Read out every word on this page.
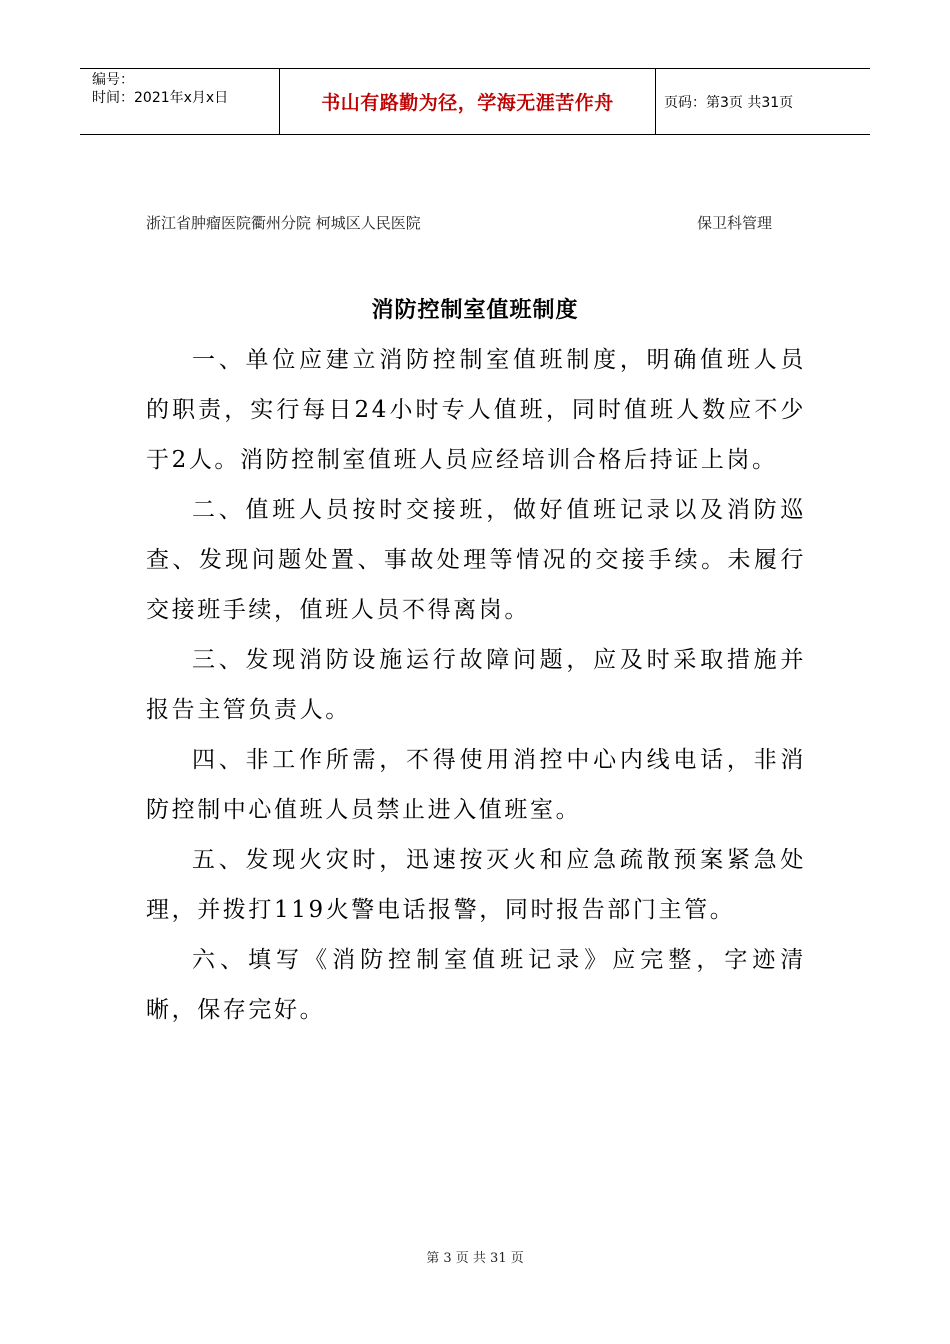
编号：
时间：2021年x月x日	书山有路勤为径，学海无涯苦作舟	页码：第3页 共31页
浙江省肿瘤医院衢州分院 柯城区人民医院	保卫科管理
消防控制室值班制度

一、单位应建立消防控制室值班制度，明确值班人员的职责，实行每日24小时专人值班，同时值班人数应不少于2人。消防控制室值班人员应经培训合格后持证上岗。

二、值班人员按时交接班，做好值班记录以及消防巡查、发现问题处置、事故处理等情况的交接手续。未履行交接班手续，值班人员不得离岗。

三、发现消防设施运行故障问题，应及时采取措施并报告主管负责人。

四、非工作所需，不得使用消控中心内线电话，非消防控制中心值班人员禁止进入值班室。

五、发现火灾时，迅速按灭火和应急疏散预案紧急处理，并拨打119火警电话报警，同时报告部门主管。

六、填写《消防控制室值班记录》应完整，字迹清晰，保存完好。

第 3 页 共 31 页
